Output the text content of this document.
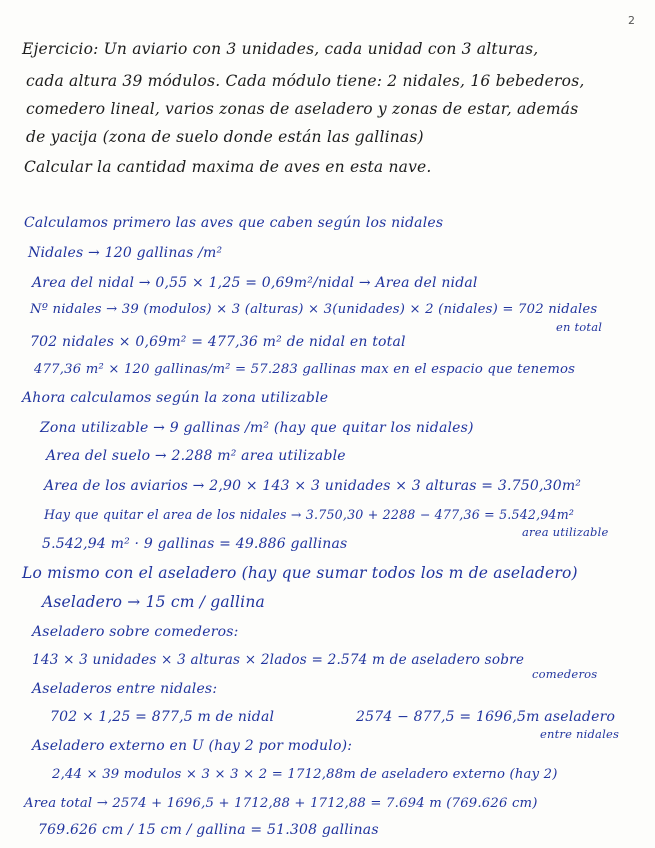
2
Ejercicio: Un aviario con 3 unidades, cada unidad con 3 alturas,
cada altura 39 módulos. Cada módulo tiene: 2 nidales, 16 bebederos,
comedero lineal, varios zonas de aseladero y zonas de estar, además
de yacija (zona de suelo donde están las gallinas)
Calcular la cantidad maxima de aves en esta nave.
Calculamos primero las aves que caben según los nidales
Nidales → 120 gallinas /m²
Area del nidal → 0,55 × 1,25 = 0,69m²/nidal → Area del nidal
Nº nidales → 39 (modulos) × 3 (alturas) × 3(unidades) × 2 (nidales) = 702 nidales
en total
702 nidales × 0,69m² = 477,36 m² de nidal en total
477,36 m² × 120 gallinas/m² = 57.283 gallinas max en el espacio que tenemos
Ahora calculamos según la zona utilizable
Zona utilizable → 9 gallinas /m² (hay que quitar los nidales)
Area del suelo → 2.288 m² area utilizable
Area de los aviarios → 2,90 × 143 × 3 unidades × 3 alturas = 3.750,30m²
Hay que quitar el area de los nidales → 3.750,30 + 2288 − 477,36 = 5.542,94m²
area utilizable
5.542,94 m² · 9 gallinas = 49.886 gallinas
Lo mismo con el aseladero (hay que sumar todos los m de aseladero)
Aseladero → 15 cm / gallina
Aseladero sobre comederos:
143 × 3 unidades × 3 alturas × 2lados = 2.574 m de aseladero sobre
comederos
Aseladeros entre nidales:
702 × 1,25 = 877,5 m de nidal	2574 − 877,5 = 1696,5m aseladero
entre nidales
Aseladero externo en U (hay 2 por modulo):
2,44 × 39 modulos × 3 × 3 × 2 = 1712,88m de aseladero externo (hay 2)
Area total → 2574 + 1696,5 + 1712,88 + 1712,88 = 7.694 m (769.626 cm)
769.626 cm / 15 cm / gallina = 51.308 gallinas
